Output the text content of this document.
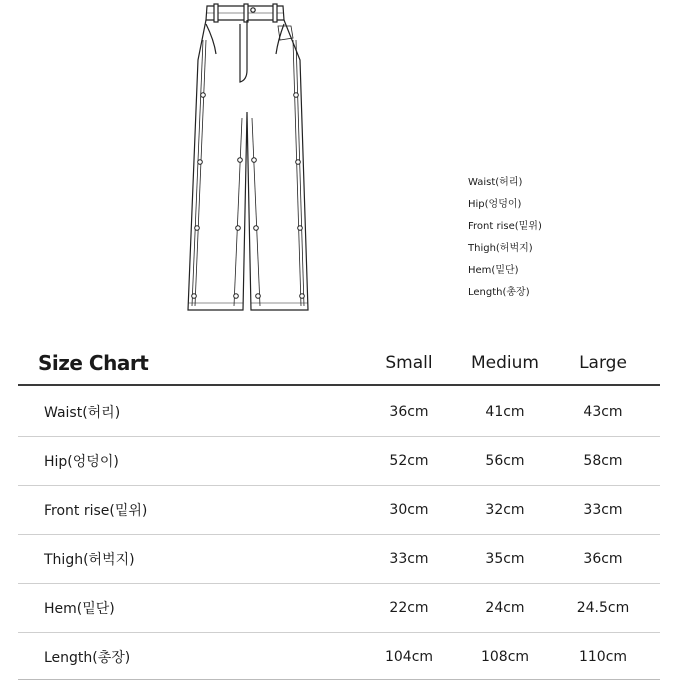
Waist(허리)
Hip(엉덩이)
Front rise(밑위)
Thigh(허벅지)
Hem(밑단)
Length(총장)
Size Chart	Small Medium Large
Waist(허리)	36cm	41cm	43cm
Hip(엉덩이)	52cm	56cm	58cm
Front rise(밑위)	30cm	32cm	33cm
Thigh(허벅지)	33cm	35cm	36cm
Hem(밑단)	22cm	24cm	24.5cm
Length(총장)	104cm	108cm	110cm
